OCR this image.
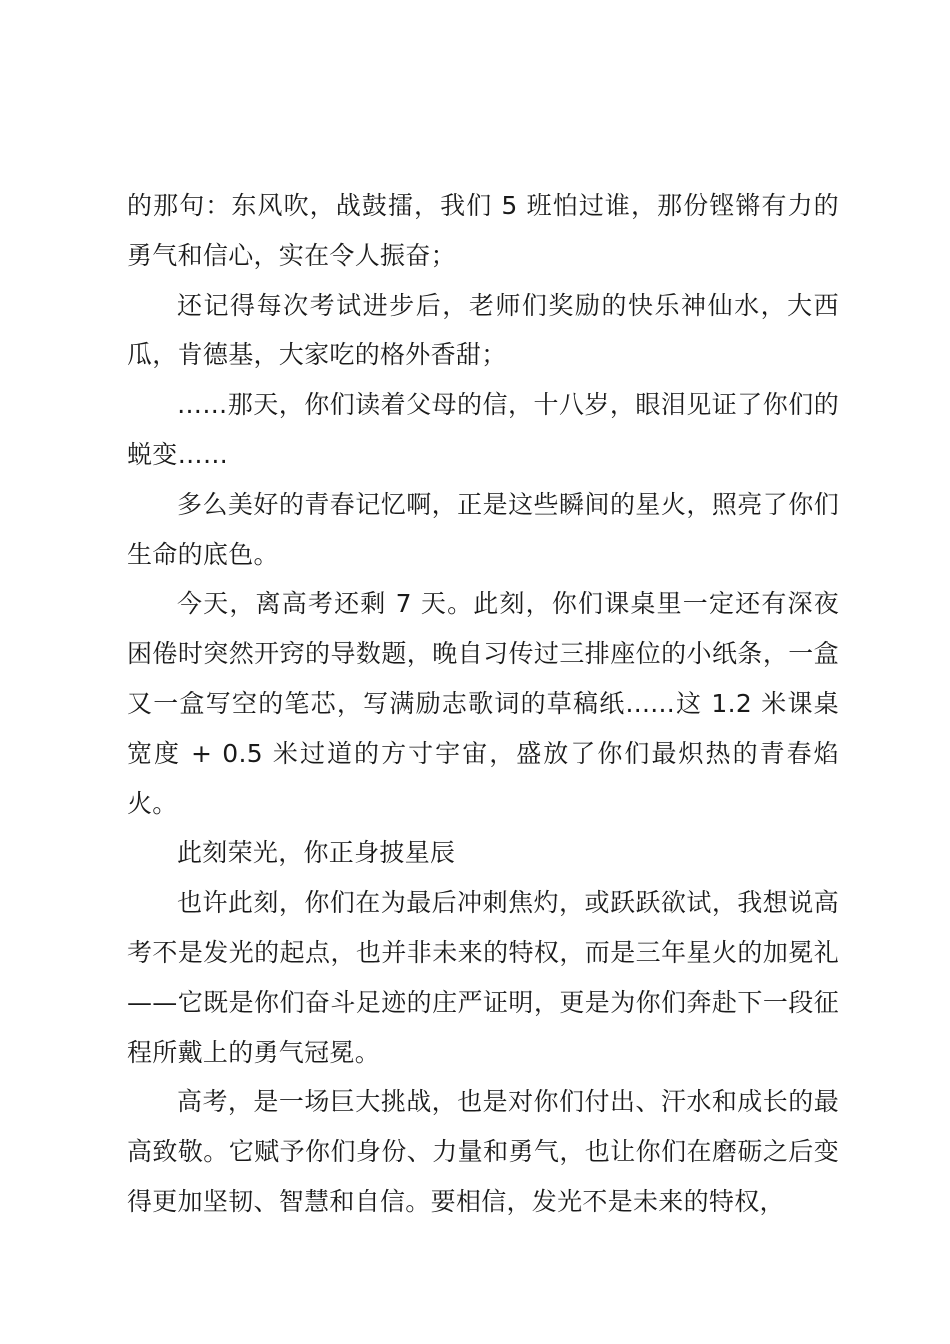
的那句：东风吹，战鼓擂，我们 5 班怕过谁，那份铿锵有力的勇气和信心，实在令人振奋；

还记得每次考试进步后，老师们奖励的快乐神仙水，大西瓜，肯德基，大家吃的格外香甜；

……那天，你们读着父母的信，十八岁，眼泪见证了你们的蜕变……

多么美好的青春记忆啊，正是这些瞬间的星火，照亮了你们生命的底色。

今天，离高考还剩 7 天。此刻，你们课桌里一定还有深夜困倦时突然开窍的导数题，晚自习传过三排座位的小纸条，一盒又一盒写空的笔芯，写满励志歌词的草稿纸......这 1.2 米课桌宽度 + 0.5 米过道的方寸宇宙，盛放了你们最炽热的青春焰火。

此刻荣光，你正身披星辰

也许此刻，你们在为最后冲刺焦灼，或跃跃欲试，我想说高考不是发光的起点，也并非未来的特权，而是三年星火的加冕礼——它既是你们奋斗足迹的庄严证明，更是为你们奔赴下一段征程所戴上的勇气冠冕。

高考，是一场巨大挑战，也是对你们付出、汗水和成长的最高致敬。它赋予你们身份、力量和勇气，也让你们在磨砺之后变得更加坚韧、智慧和自信。要相信，发光不是未来的特权，
